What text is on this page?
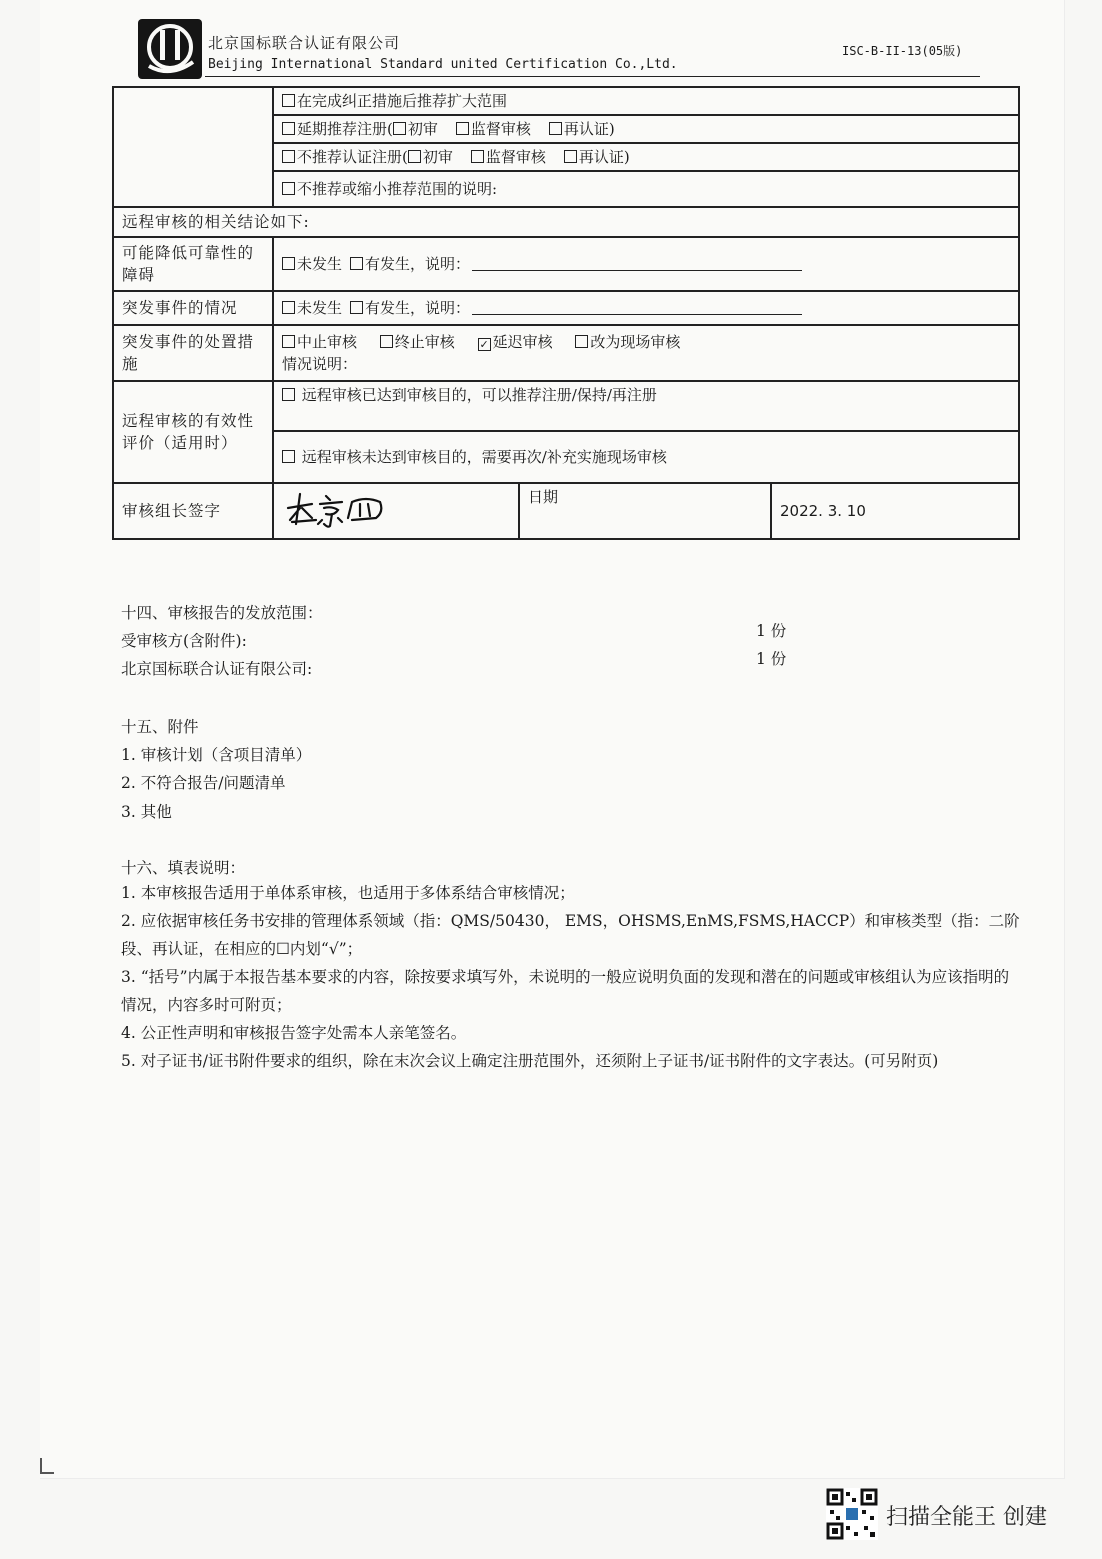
北京国标联合认证有限公司
Beijing International Standard united Certification Co.,Ltd.
ISC-B-II-13(05版)
	在完成纠正措施后推荐扩大范围		
	延期推荐注册( 初审 监督审核 再认证)		
	不推荐认证注册( 初审 监督审核 再认证)		
	不推荐或缩小推荐范围的说明:		
远程审核的相关结论如下:			
可能降低可靠性的障碍	未发生 有发生，说明：		
突发事件的情况	未发生 有发生，说明：		
突发事件的处置措施	中止审核 终止审核 ✓ 延迟审核 改为现场审核
情况说明：		

远程审核的有效性评价（适用时）	远程审核已达到审核目的，可以推荐注册/保持/再注册		
	远程审核未达到审核目的，需要再次/补充实施现场审核		
审核组长签字		日期	2022. 3. 10
十四、审核报告的发放范围：
受审核方(含附件):
1 份
北京国标联合认证有限公司:
1 份
十五、附件
1. 审核计划（含项目清单）
2. 不符合报告/问题清单
3. 其他
十六、填表说明：
1. 本审核报告适用于单体系审核，也适用于多体系结合审核情况；
2. 应依据审核任务书安排的管理体系领域（指：QMS/50430， EMS，OHSMS,EnMS,FSMS,HACCP）和审核类型（指：二阶段、再认证，在相应的☐内划“√”；
3. “括号”内属于本报告基本要求的内容，除按要求填写外，未说明的一般应说明负面的发现和潜在的问题或审核组认为应该指明的情况，内容多时可附页；
4. 公正性声明和审核报告签字处需本人亲笔签名。
5. 对子证书/证书附件要求的组织，除在末次会议上确定注册范围外，还须附上子证书/证书附件的文字表达。(可另附页)
扫描全能王 创建
